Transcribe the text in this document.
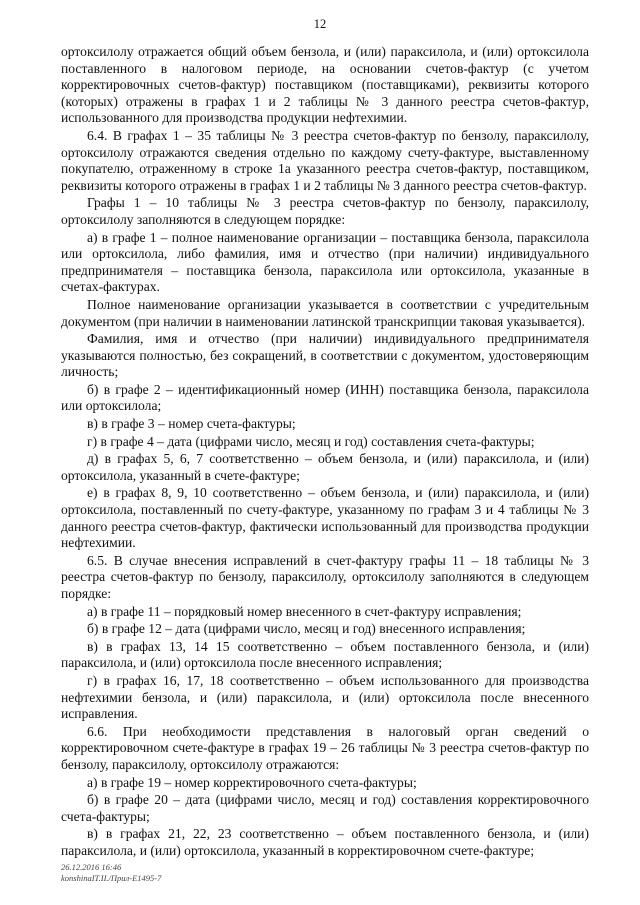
12

ортоксилолу отражается общий объем бензола, и (или) параксилола, и (или) ортоксилола поставленного в налоговом периоде, на основании счетов-фактур (с учетом корректировочных счетов-фактур) поставщиком (поставщиками), реквизиты которого (которых) отражены в графах 1 и 2 таблицы № 3 данного реестра счетов-фактур, использованного для производства продукции нефтехимии.

6.4. В графах 1 – 35 таблицы № 3 реестра счетов-фактур по бензолу, параксилолу, ортоксилолу отражаются сведения отдельно по каждому счету-фактуре, выставленному покупателю, отраженному в строке 1а указанного реестра счетов-фактур, поставщиком, реквизиты которого отражены в графах 1 и 2 таблицы № 3 данного реестра счетов-фактур.

Графы 1 – 10 таблицы № 3 реестра счетов-фактур по бензолу, параксилолу, ортоксилолу заполняются в следующем порядке:

а) в графе 1 – полное наименование организации – поставщика бензола, параксилола или ортоксилола, либо фамилия, имя и отчество (при наличии) индивидуального предпринимателя – поставщика бензола, параксилола или ортоксилола, указанные в счетах-фактурах.

Полное наименование организации указывается в соответствии с учредительным документом (при наличии в наименовании латинской транскрипции таковая указывается).

Фамилия, имя и отчество (при наличии) индивидуального предпринимателя указываются полностью, без сокращений, в соответствии с документом, удостоверяющим личность;

б) в графе 2 – идентификационный номер (ИНН) поставщика бензола, параксилола или ортоксилола;

в) в графе 3 – номер счета-фактуры;

г) в графе 4 – дата (цифрами число, месяц и год) составления счета-фактуры;

д) в графах 5, 6, 7 соответственно – объем бензола, и (или) параксилола, и (или) ортоксилола, указанный в счете-фактуре;

е) в графах 8, 9, 10 соответственно – объем бензола, и (или) параксилола, и (или) ортоксилола, поставленный по счету-фактуре, указанному по графам 3 и 4 таблицы № 3 данного реестра счетов-фактур, фактически использованный для производства продукции нефтехимии.

6.5. В случае внесения исправлений в счет-фактуру графы 11 – 18 таблицы № 3 реестра счетов-фактур по бензолу, параксилолу, ортоксилолу заполняются в следующем порядке:

а) в графе 11 – порядковый номер внесенного в счет-фактуру исправления;

б) в графе 12 – дата (цифрами число, месяц и год) внесенного исправления;

в) в графах 13, 14 15 соответственно – объем поставленного бензола, и (или) параксилола, и (или) ортоксилола после внесенного исправления;

г) в графах 16, 17, 18 соответственно – объем использованного для производства нефтехимии бензола, и (или) параксилола, и (или) ортоксилола после внесенного исправления.

6.6. При необходимости представления в налоговый орган сведений о корректировочном счете-фактуре в графах 19 – 26 таблицы № 3 реестра счетов-фактур по бензолу, параксилолу, ортоксилолу отражаются:

а) в графе 19 – номер корректировочного счета-фактуры;

б) в графе 20 – дата (цифрами число, месяц и год) составления корректировочного счета-фактуры;

в) в графах 21, 22, 23 соответственно – объем поставленного бензола, и (или) параксилола, и (или) ортоксилола, указанный в корректировочном счете-фактуре;

26.12.2016 16:46
konshinaIT.II./Прил-Е1495-7
